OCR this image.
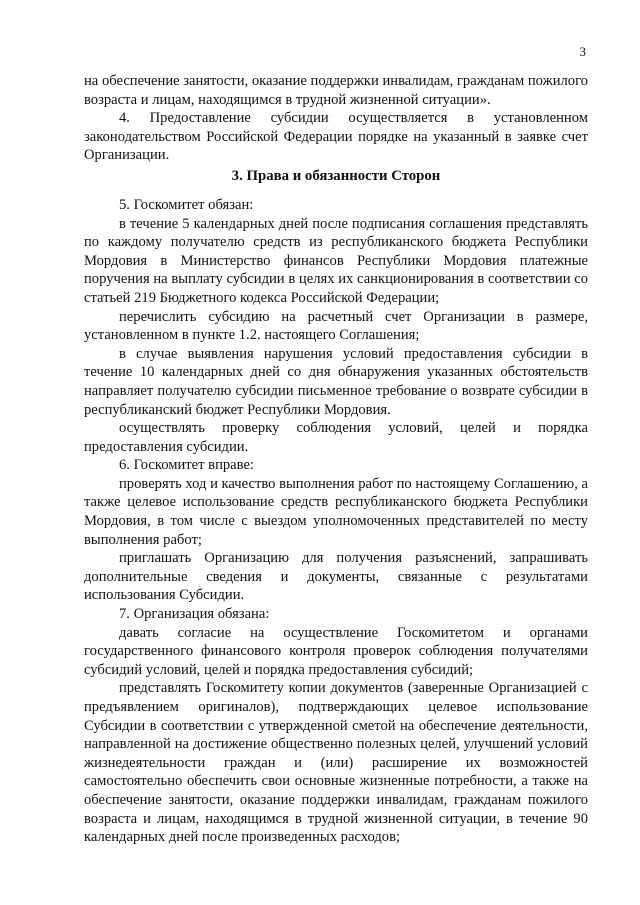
3

на обеспечение занятости, оказание поддержки инвалидам, гражданам пожилого возраста и лицам, находящимся в трудной жизненной ситуации».

4. Предоставление субсидии осуществляется в установленном законодательством Российской Федерации порядке на указанный в заявке счет Организации.

3. Права и обязанности Сторон

5. Госкомитет обязан:

в течение 5 календарных дней после подписания соглашения представлять по каждому получателю средств из республиканского бюджета Республики Мордовия в Министерство финансов Республики Мордовия платежные поручения на выплату субсидии в целях их санкционирования в соответствии со статьей 219 Бюджетного кодекса Российской Федерации;

перечислить субсидию на расчетный счет Организации в размере, установленном в пункте 1.2. настоящего Соглашения;

в случае выявления нарушения условий предоставления субсидии в течение 10 календарных дней со дня обнаружения указанных обстоятельств направляет получателю субсидии письменное требование о возврате субсидии в республиканский бюджет Республики Мордовия.

осуществлять проверку соблюдения условий, целей и порядка предоставления субсидии.

6. Госкомитет вправе:

проверять ход и качество выполнения работ по настоящему Соглашению, а также целевое использование средств республиканского бюджета Республики Мордовия, в том числе с выездом уполномоченных представителей по месту выполнения работ;

приглашать Организацию для получения разъяснений, запрашивать дополнительные сведения и документы, связанные с результатами использования Субсидии.

7. Организация обязана:

давать согласие на осуществление Госкомитетом и органами государственного финансового контроля проверок соблюдения получателями субсидий условий, целей и порядка предоставления субсидий;

представлять Госкомитету копии документов (заверенные Организацией с предъявлением оригиналов), подтверждающих целевое использование Субсидии в соответствии с утвержденной сметой на обеспечение деятельности, направленной на достижение общественно полезных целей, улучшений условий жизнедеятельности граждан и (или) расширение их возможностей самостоятельно обеспечить свои основные жизненные потребности, а также на обеспечение занятости, оказание поддержки инвалидам, гражданам пожилого возраста и лицам, находящимся в трудной жизненной ситуации, в течение 90 календарных дней после произведенных расходов;
